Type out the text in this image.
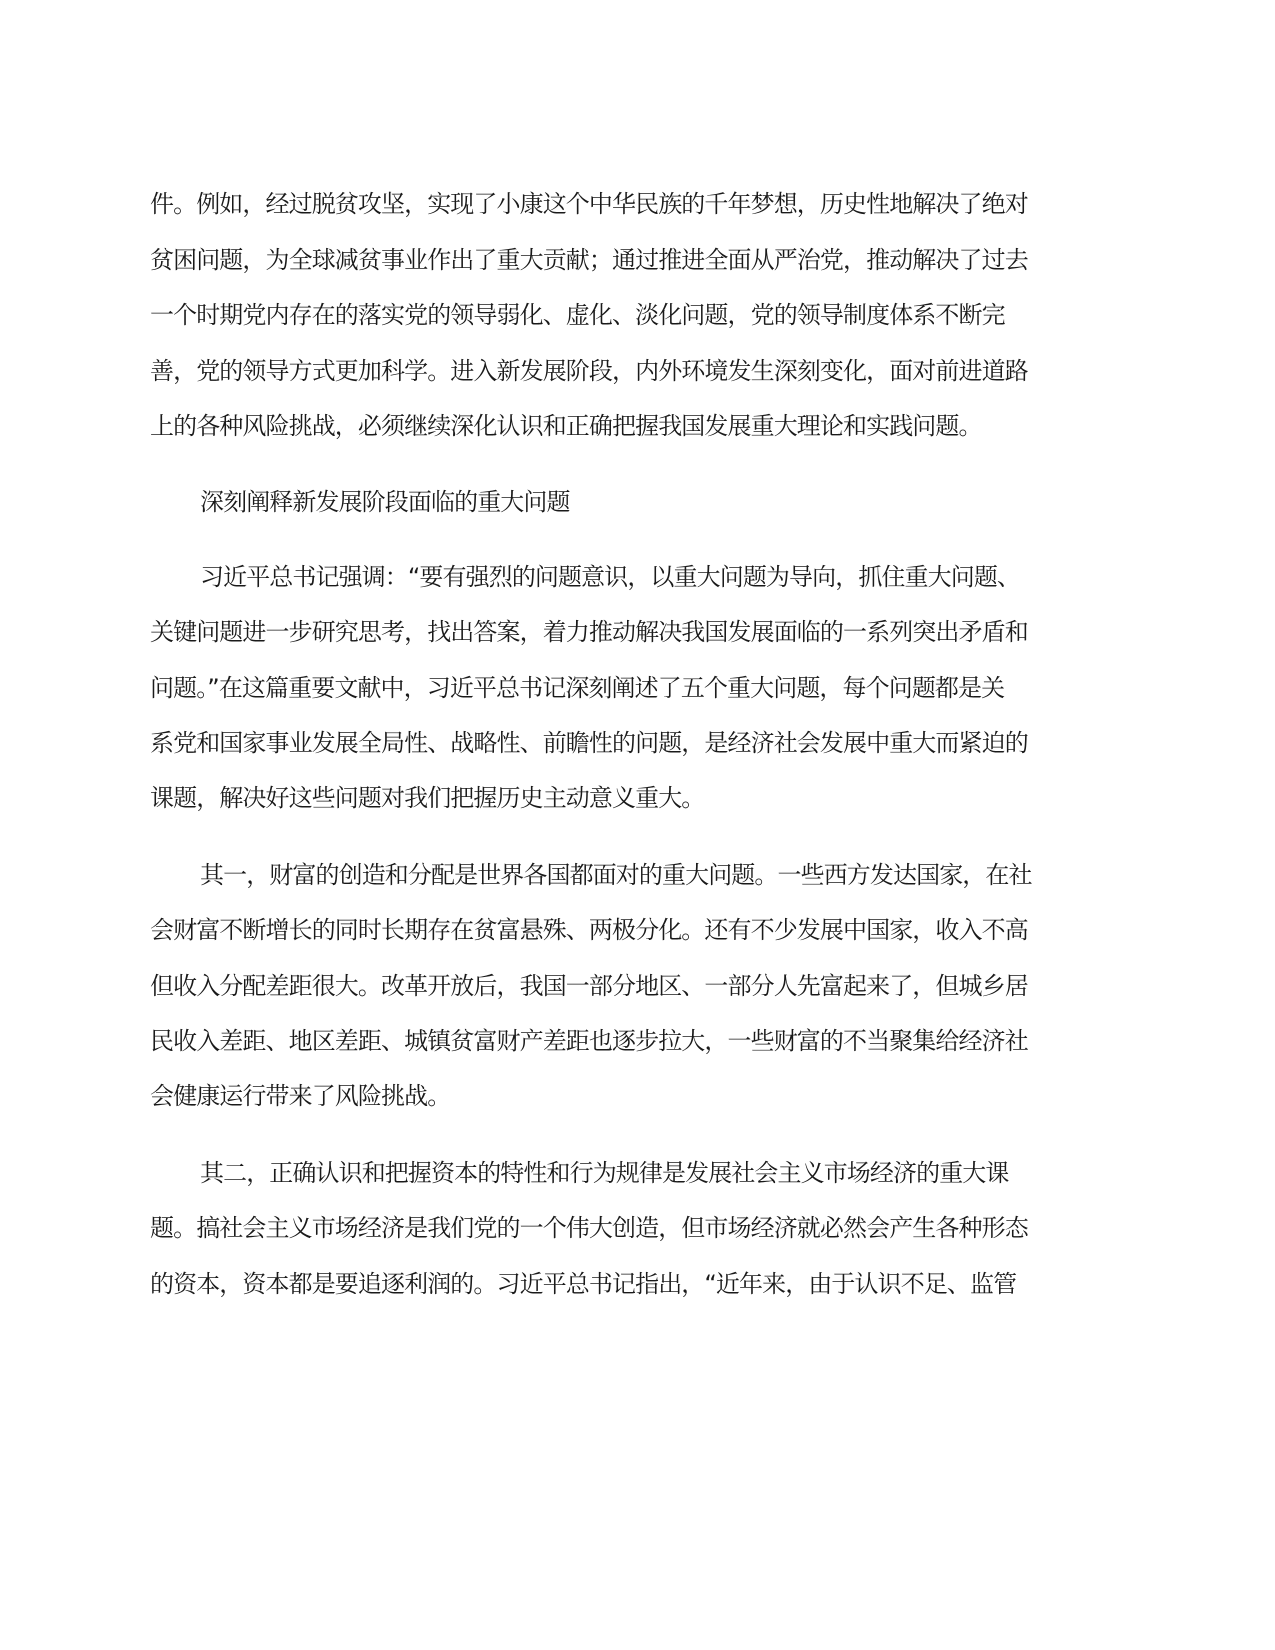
件。例如，经过脱贫攻坚，实现了小康这个中华民族的千年梦想，历史性地解决了绝对
贫困问题，为全球减贫事业作出了重大贡献；通过推进全面从严治党，推动解决了过去
一个时期党内存在的落实党的领导弱化、虚化、淡化问题，党的领导制度体系不断完
善，党的领导方式更加科学。进入新发展阶段，内外环境发生深刻变化，面对前进道路
上的各种风险挑战，必须继续深化认识和正确把握我国发展重大理论和实践问题。
深刻阐释新发展阶段面临的重大问题
习近平总书记强调：“要有强烈的问题意识，以重大问题为导向，抓住重大问题、
关键问题进一步研究思考，找出答案，着力推动解决我国发展面临的一系列突出矛盾和
问题。”在这篇重要文献中，习近平总书记深刻阐述了五个重大问题，每个问题都是关
系党和国家事业发展全局性、战略性、前瞻性的问题，是经济社会发展中重大而紧迫的
课题，解决好这些问题对我们把握历史主动意义重大。
其一，财富的创造和分配是世界各国都面对的重大问题。一些西方发达国家，在社
会财富不断增长的同时长期存在贫富悬殊、两极分化。还有不少发展中国家，收入不高
但收入分配差距很大。改革开放后，我国一部分地区、一部分人先富起来了，但城乡居
民收入差距、地区差距、城镇贫富财产差距也逐步拉大，一些财富的不当聚集给经济社
会健康运行带来了风险挑战。
其二，正确认识和把握资本的特性和行为规律是发展社会主义市场经济的重大课
题。搞社会主义市场经济是我们党的一个伟大创造，但市场经济就必然会产生各种形态
的资本，资本都是要追逐利润的。习近平总书记指出，“近年来，由于认识不足、监管
